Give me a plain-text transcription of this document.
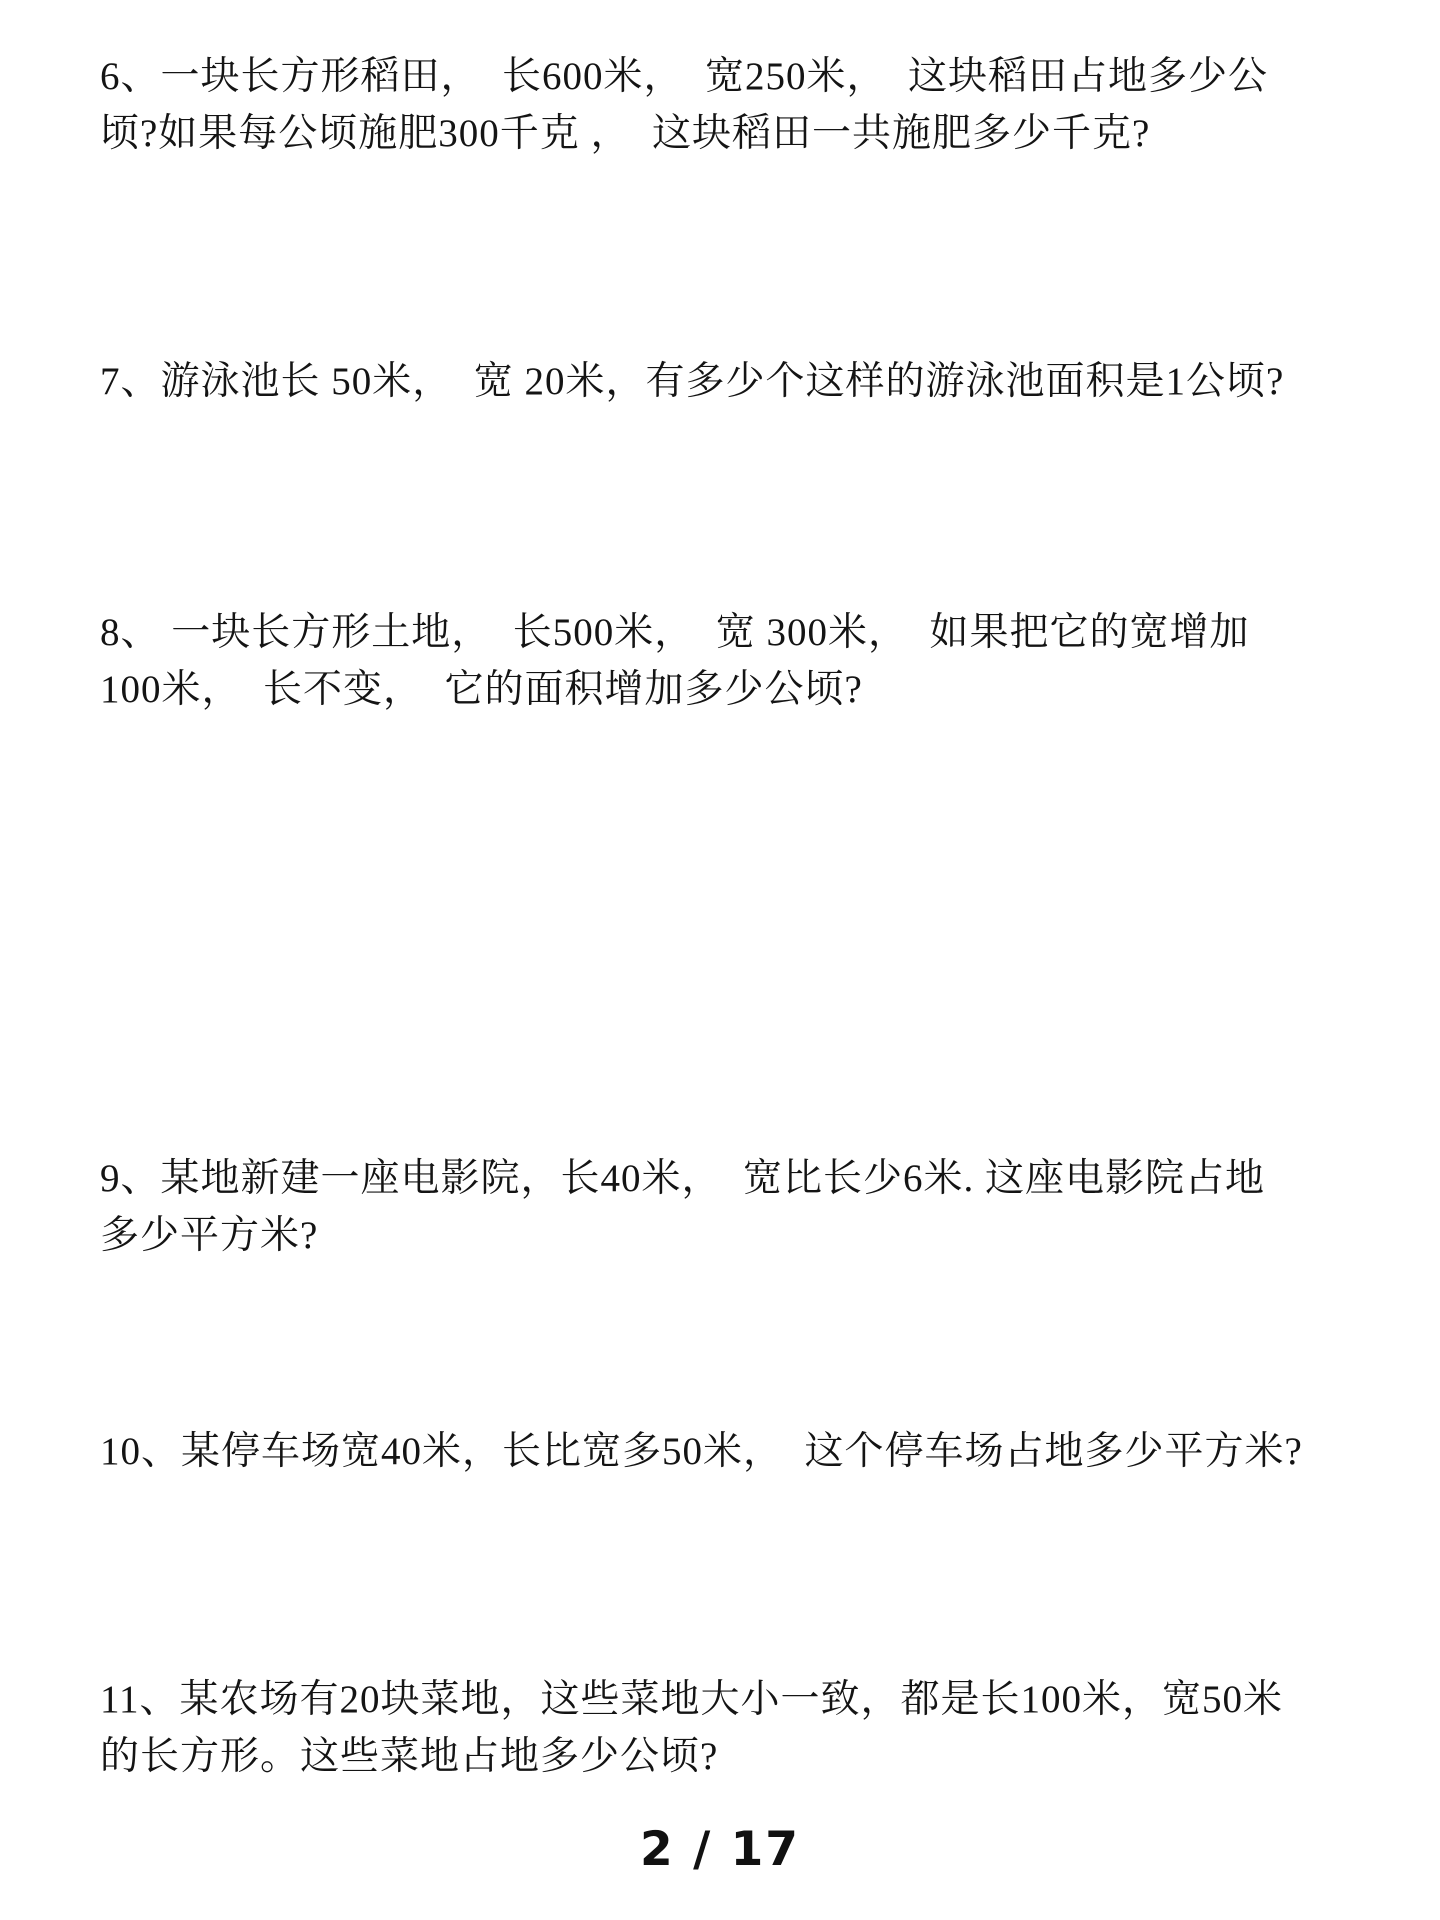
6、一块长方形稻田，  长600米，  宽250米，  这块稻田占地多少公
顷?如果每公顷施肥300千克 ，  这块稻田一共施肥多少千克?
7、游泳池长 50米，  宽 20米，有多少个这样的游泳池面积是1公顷?
8、 一块长方形土地，  长500米，  宽 300米，  如果把它的宽增加
100米，  长不变，  它的面积增加多少公顷?
9、某地新建一座电影院，长40米，  宽比长少6米. 这座电影院占地
多少平方米?
10、某停车场宽40米，长比宽多50米，  这个停车场占地多少平方米?
11、某农场有20块菜地，这些菜地大小一致，都是长100米，宽50米
的长方形。这些菜地占地多少公顷?
2 / 17
